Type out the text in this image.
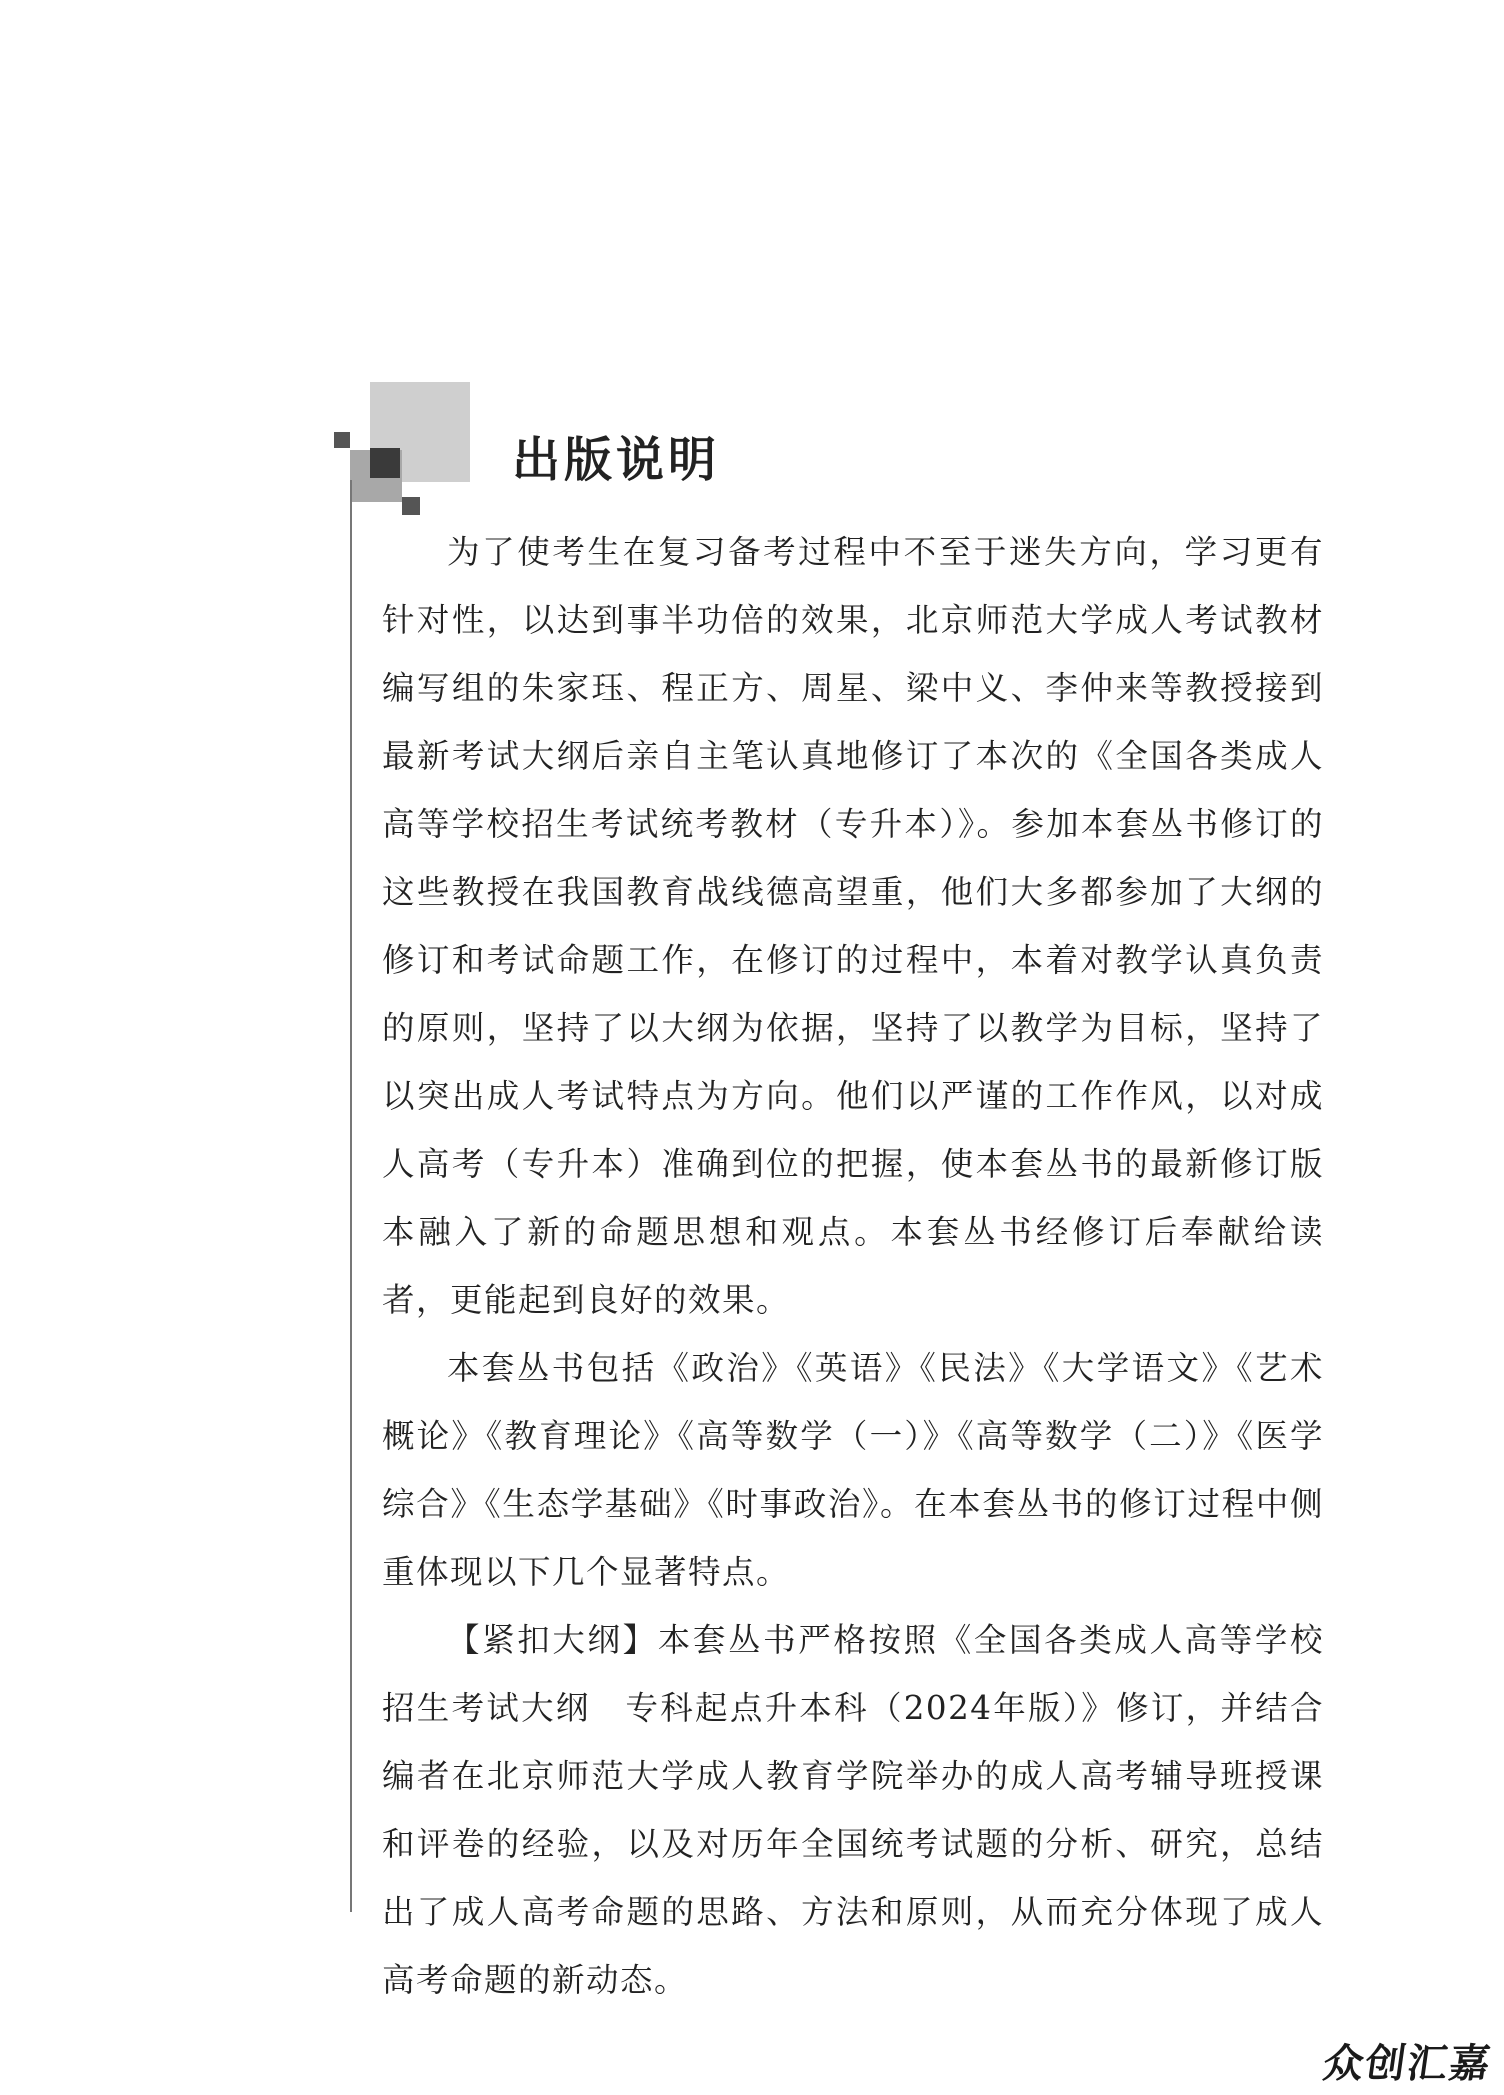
出版说明

为了使考生在复习备考过程中不至于迷失方向，学习更有针对性，以达到事半功倍的效果，北京师范大学成人考试教材编写组的朱家珏、程正方、周星、梁中义、李仲来等教授接到最新考试大纲后亲自主笔认真地修订了本次的《全国各类成人高等学校招生考试统考教材（专升本）》。参加本套丛书修订的这些教授在我国教育战线德高望重，他们大多都参加了大纲的修订和考试命题工作，在修订的过程中，本着对教学认真负责的原则，坚持了以大纲为依据，坚持了以教学为目标，坚持了以突出成人考试特点为方向。他们以严谨的工作作风，以对成人高考（专升本）准确到位的把握，使本套丛书的最新修订版本融入了新的命题思想和观点。本套丛书经修订后奉献给读者，更能起到良好的效果。

本套丛书包括《政治》《英语》《民法》《大学语文》《艺术概论》《教育理论》《高等数学（一）》《高等数学（二）》《医学综合》《生态学基础》《时事政治》。在本套丛书的修订过程中侧重体现以下几个显著特点。

【紧扣大纲】本套丛书严格按照《全国各类成人高等学校招生考试大纲　专科起点升本科（2024年版）》修订，并结合编者在北京师范大学成人教育学院举办的成人高考辅导班授课和评卷的经验，以及对历年全国统考试题的分析、研究，总结出了成人高考命题的思路、方法和原则，从而充分体现了成人高考命题的新动态。

众创汇嘉
